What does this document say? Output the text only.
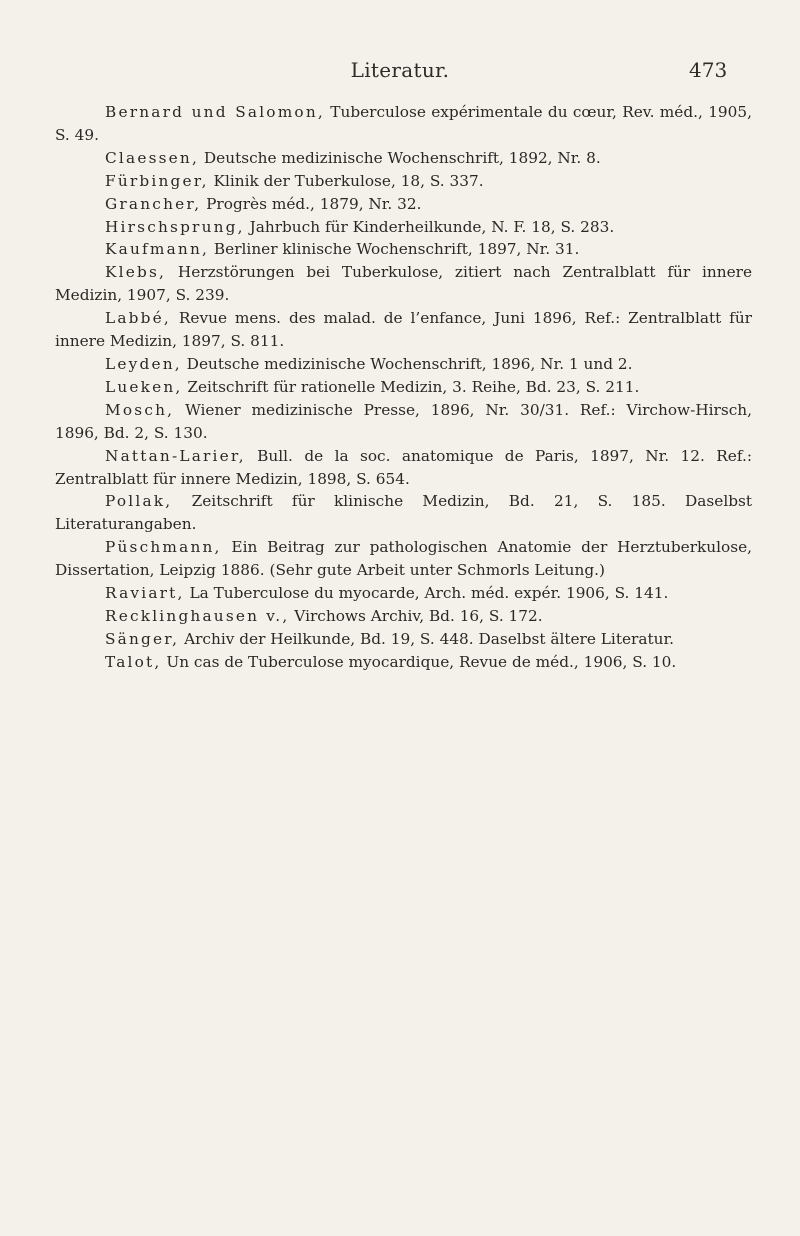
Literatur.	473

Bernard und Salomon, Tuberculose expérimentale du cœur, Rev. méd., 1905, S. 49.

Claessen, Deutsche medizinische Wochenschrift, 1892, Nr. 8.

Fürbinger, Klinik der Tuberkulose, 18, S. 337.

Grancher, Progrès méd., 1879, Nr. 32.

Hirschsprung, Jahrbuch für Kinderheilkunde, N. F. 18, S. 283.

Kaufmann, Berliner klinische Wochenschrift, 1897, Nr. 31.

Klebs, Herzstörungen bei Tuberkulose, zitiert nach Zentralblatt für innere Medizin, 1907, S. 239.

Labbé, Revue mens. des malad. de l’enfance, Juni 1896, Ref.: Zentralblatt für innere Medizin, 1897, S. 811.

Leyden, Deutsche medizinische Wochenschrift, 1896, Nr. 1 und 2.

Lueken, Zeitschrift für rationelle Medizin, 3. Reihe, Bd. 23, S. 211.

Mosch, Wiener medizinische Presse, 1896, Nr. 30/31. Ref.: Virchow-Hirsch, 1896, Bd. 2, S. 130.

Nattan-Larier, Bull. de la soc. anatomique de Paris, 1897, Nr. 12. Ref.: Zentralblatt für innere Medizin, 1898, S. 654.

Pollak, Zeitschrift für klinische Medizin, Bd. 21, S. 185. Daselbst Literaturangaben.

Püschmann, Ein Beitrag zur pathologischen Anatomie der Herztuberkulose, Dissertation, Leipzig 1886. (Sehr gute Arbeit unter Schmorls Leitung.)

Raviart, La Tuberculose du myocarde, Arch. méd. expér. 1906, S. 141.

Recklinghausen v., Virchows Archiv, Bd. 16, S. 172.

Sänger, Archiv der Heilkunde, Bd. 19, S. 448. Daselbst ältere Literatur.

Talot, Un cas de Tuberculose myocardique, Revue de méd., 1906, S. 10.
